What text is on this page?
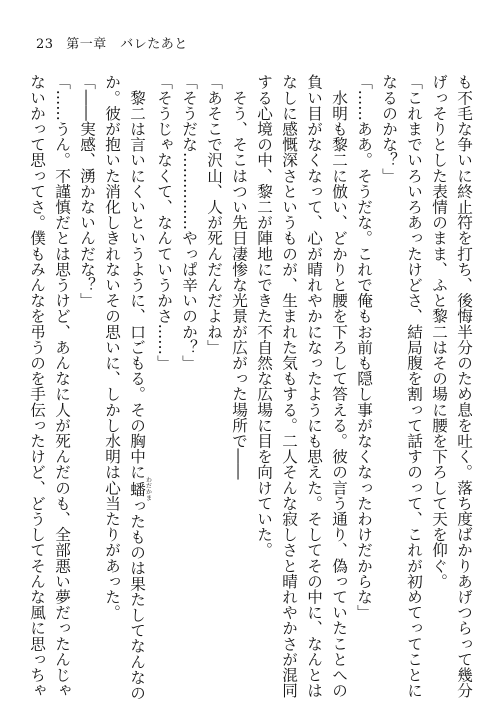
23 第一章　バレたあと
も不毛な争いに終止符を打ち、後悔半分のため息を吐く。落ち度ばかりあげつらって幾分
げっそりとした表情のまま、ふと黎二はその場に腰を下ろして天を仰ぐ。
「これまでいろいろあったけどさ、結局腹を割って話すのって、これが初めてってことに
なるのかな？」
「……ああ。そうだな。これで俺もお前も隠し事がなくなったわけだからな」
　水明も黎二に倣い、どかりと腰を下ろして答える。彼の言う通り、偽っていたことへの
負い目がなくなって、心が晴れやかになったようにも思えた。そしてその中に、なんとは
なしに感慨深さというものが、生まれた気もする。二人そんな寂しさと晴れやかさが混同
する心境の中、黎二が陣地にできた不自然な広場に目を向けていた。
　そう、そこはつい先日凄惨な光景が広がった場所で――
「あそこで沢山、人が死んだんだよね」
「そうだな……………やっぱ辛いのか？」
「そうじゃなくて、なんていうかさ……」
　黎二は言いにくいというように、口ごもる。その胸中に蟠わだかまったものは果たしてなんなの
か。彼が抱いた消化しきれないその思いに、しかし水明は心当たりがあった。
「――実感、湧かないんだな？」
「……うん。不謹慎だとは思うけど、あんなに人が死んだのも、全部悪い夢だったんじゃ
ないかって思ってさ。僕もみんなを弔うのを手伝ったけど、どうしてそんな風に思っちゃ
